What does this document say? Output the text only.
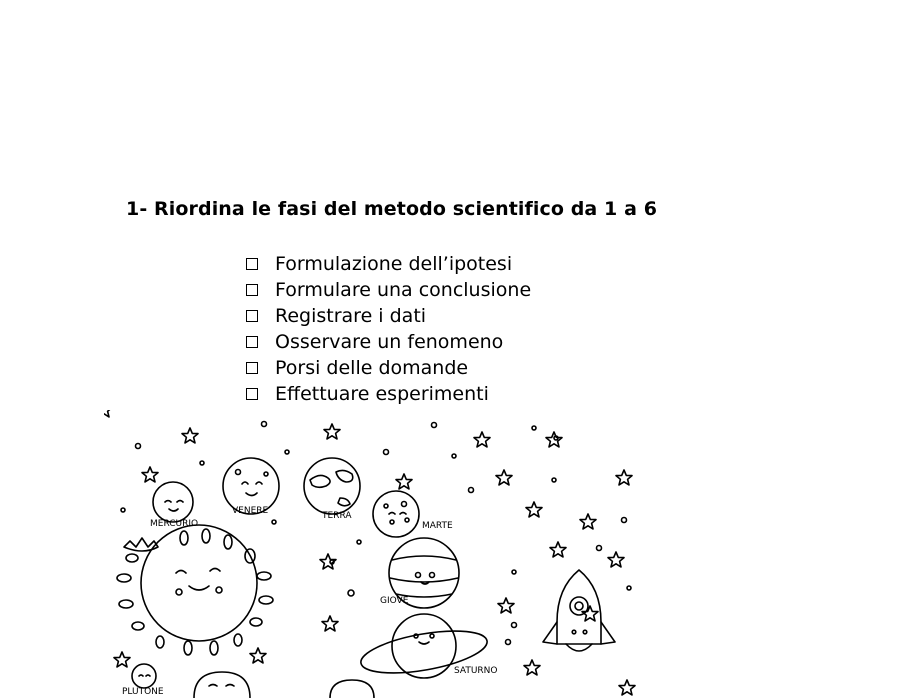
1- Riordina le fasi del metodo scientifico da 1 a 6
Formulazione dell’ipotesi
Formulare una conclusione
Registrare i dati
Osservare un fenomeno
Porsi delle domande
Effettuare esperimenti
MERCURIO
VENERE	TERRA
MARTE
GIOVE
SATURNO
PLUTONE
